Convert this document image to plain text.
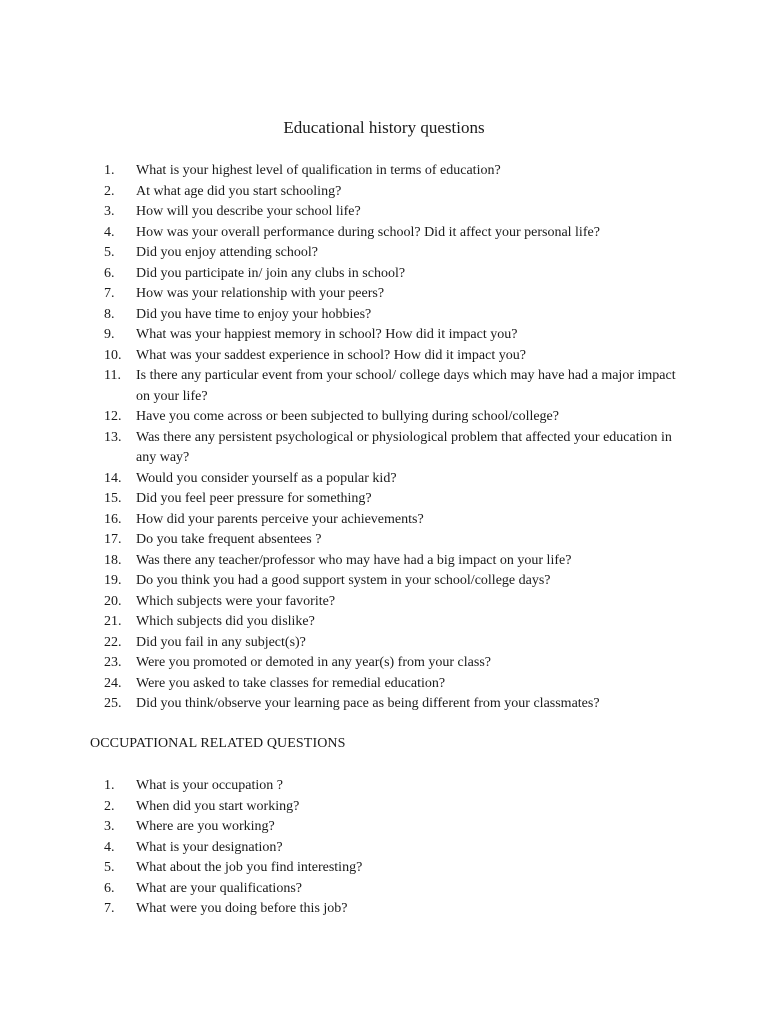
Educational history questions
1.	What is your highest level of qualification in terms of education?
2.	At what age did you start schooling?
3.	How will you describe your school life?
4.	How was your overall performance during school? Did it affect your personal life?
5.	Did you enjoy attending school?
6.	Did you participate in/ join any clubs in school?
7.	How was your relationship with your peers?
8.	Did you have time to enjoy your hobbies?
9.	What was your happiest memory in school? How did it impact you?
10.	What was your saddest experience in school? How did it impact you?
11.	Is there any particular event from your school/ college days which may have had a major impact on your life?
12.	Have you come across or been subjected to bullying during school/college?
13.	Was there any persistent psychological or physiological problem that affected your education in any way?
14.	Would you consider yourself as a popular kid?
15.	Did you feel peer pressure for something?
16.	How did your parents perceive your achievements?
17.	Do you take frequent absentees ?
18.	Was there any teacher/professor who may have had a big impact on your life?
19.	Do you think you had a good support system in your school/college days?
20.	Which subjects were your favorite?
21.	Which subjects did you dislike?
22.	Did you fail in any subject(s)?
23.	Were you promoted or demoted in any year(s) from your class?
24.	Were you asked to take classes for remedial education?
25.	Did you think/observe your learning pace as being different from your classmates?
OCCUPATIONAL RELATED QUESTIONS
1.	What is your occupation ?
2.	When did you start working?
3.	Where are you working?
4.	What is your designation?
5.	What about the job you find interesting?
6.	What are your qualifications?
7.	What were you doing before this job?
